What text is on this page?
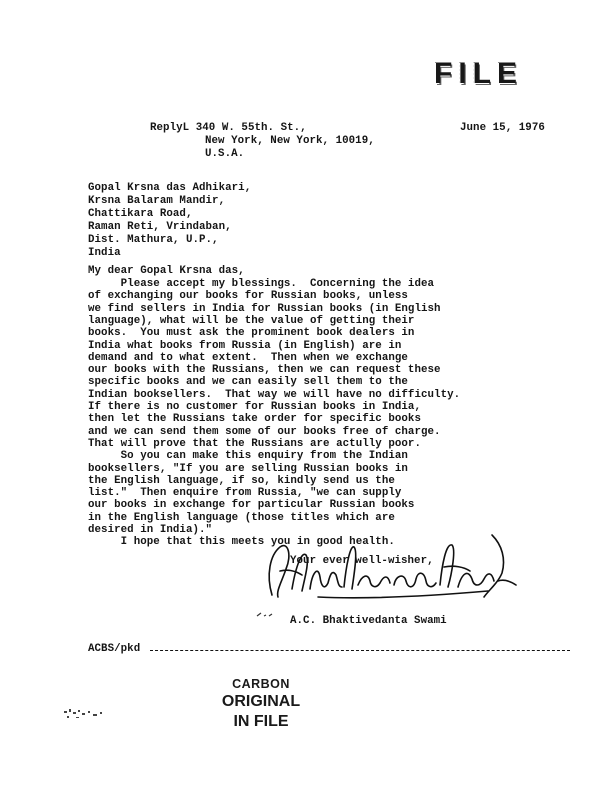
FILE
ReplyL 340 W. 55th. St.,
New York, New York, 10019,
U.S.A.
June 15, 1976
Gopal Krsna das Adhikari,
Krsna Balaram Mandir,
Chattikara Road,
Raman Reti, Vrindaban,
Dist. Mathura, U.P.,
India
My dear Gopal Krsna das,
Please accept my blessings.  Concerning the idea
of exchanging our books for Russian books, unless
we find sellers in India for Russian books (in English
language), what will be the value of getting their
books.  You must ask the prominent book dealers in
India what books from Russia (in English) are in
demand and to what extent.  Then when we exchange
our books with the Russians, then we can request these
specific books and we can easily sell them to the
Indian booksellers.  That way we will have no difficulty.
If there is no customer for Russian books in India,
then let the Russians take order for specific books
and we can send them some of our books free of charge.
That will prove that the Russians are actully poor.
So you can make this enquiry from the Indian
booksellers, "If you are selling Russian books in
the English language, if so, kindly send us the
list."  Then enquire from Russia, "we can supply
our books in exchange for particular Russian books
in the English language (those titles which are
desired in India)."
I hope that this meets you in good health.
Your ever well-wisher,
A.C. Bhaktivedanta Swami
ACBS/pkd
CARBON
ORIGINAL
IN FILE
